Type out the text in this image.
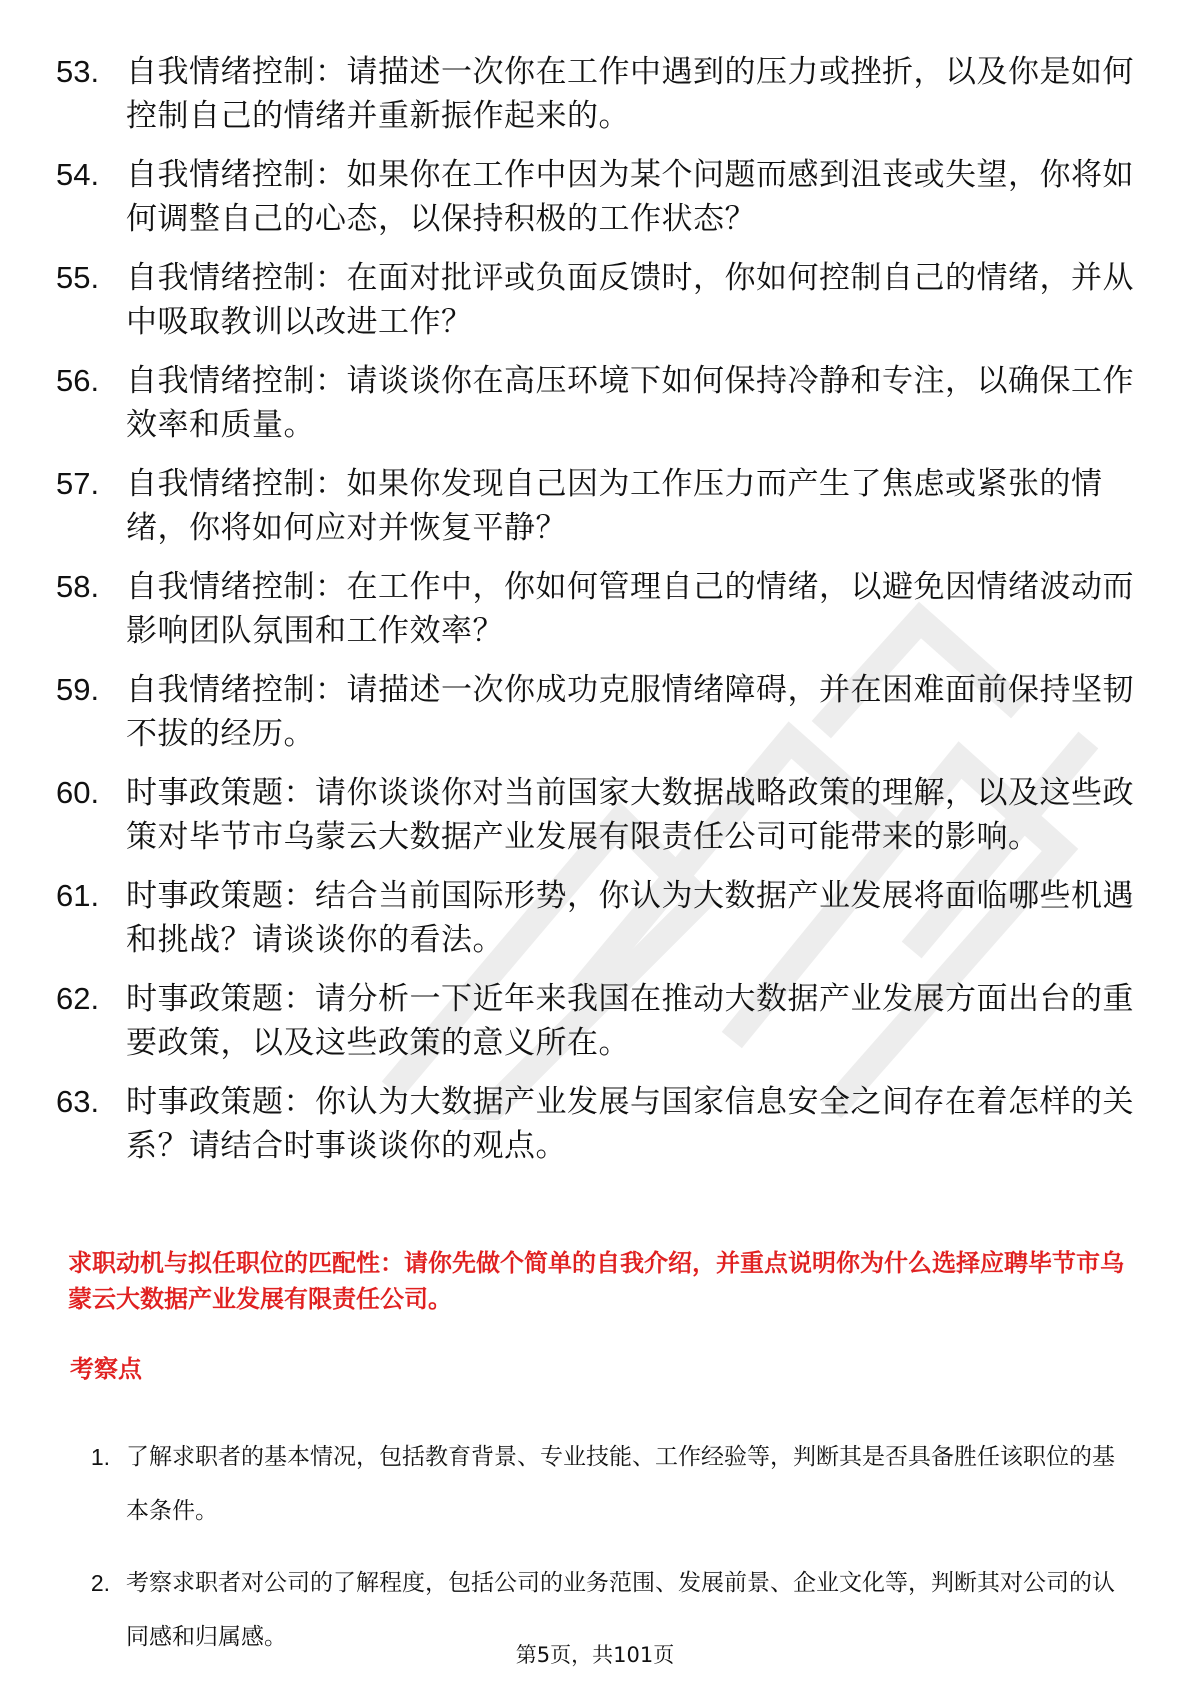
53. 自我情绪控制：请描述一次你在工作中遇到的压力或挫折，以及你是如何控制自己的情绪并重新振作起来的。
54. 自我情绪控制：如果你在工作中因为某个问题而感到沮丧或失望，你将如何调整自己的心态，以保持积极的工作状态？
55. 自我情绪控制：在面对批评或负面反馈时，你如何控制自己的情绪，并从中吸取教训以改进工作？
56. 自我情绪控制：请谈谈你在高压环境下如何保持冷静和专注，以确保工作效率和质量。
57. 自我情绪控制：如果你发现自己因为工作压力而产生了焦虑或紧张的情绪，你将如何应对并恢复平静？
58. 自我情绪控制：在工作中，你如何管理自己的情绪，以避免因情绪波动而影响团队氛围和工作效率？
59. 自我情绪控制：请描述一次你成功克服情绪障碍，并在困难面前保持坚韧不拔的经历。
60. 时事政策题：请你谈谈你对当前国家大数据战略政策的理解，以及这些政策对毕节市乌蒙云大数据产业发展有限责任公司可能带来的影响。
61. 时事政策题：结合当前国际形势，你认为大数据产业发展将面临哪些机遇和挑战？请谈谈你的看法。
62. 时事政策题：请分析一下近年来我国在推动大数据产业发展方面出台的重要政策，以及这些政策的意义所在。
63. 时事政策题：你认为大数据产业发展与国家信息安全之间存在着怎样的关系？请结合时事谈谈你的观点。
求职动机与拟任职位的匹配性：请你先做个简单的自我介绍，并重点说明你为什么选择应聘毕节市乌蒙云大数据产业发展有限责任公司。
考察点
1. 了解求职者的基本情况，包括教育背景、专业技能、工作经验等，判断其是否具备胜任该职位的基本条件。
2. 考察求职者对公司的了解程度，包括公司的业务范围、发展前景、企业文化等，判断其对公司的认同感和归属感。
第5页，共101页
